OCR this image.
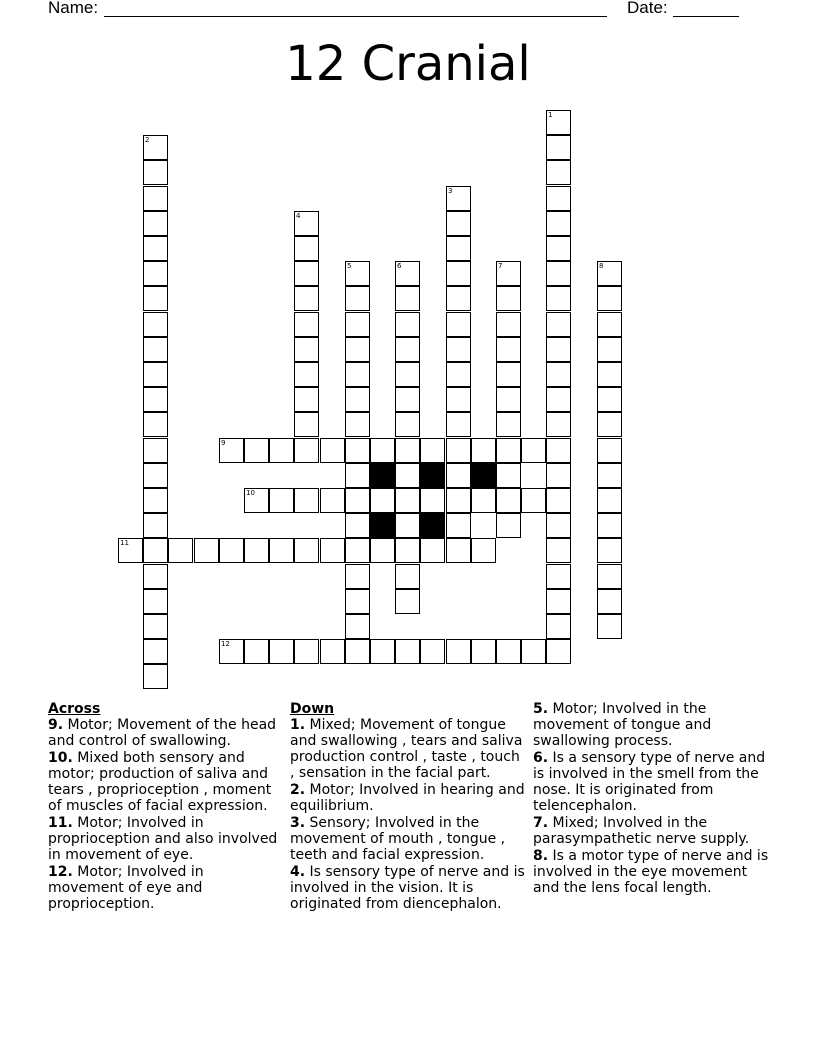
Name:	Date:
12 Cranial
1
2
3
4
5	6	7	8
9
10
11
12
Across
9. Motor; Movement of the head and control of swallowing.
10. Mixed both sensory and motor; production of saliva and tears , proprioception , moment of muscles of facial expression.
11. Motor; Involved in proprioception and also involved in movement of eye.
12. Motor; Involved in movement of eye and proprioception.
Down
1. Mixed; Movement of tongue and swallowing , tears and saliva production control , taste , touch , sensation in the facial part.
2. Motor; Involved in hearing and equilibrium.
3. Sensory; Involved in the movement of mouth , tongue , teeth and facial expression.
4. Is sensory type of nerve and is involved in the vision. It is originated from diencephalon.
5. Motor; Involved in the movement of tongue and swallowing process.
6. Is a sensory type of nerve and is involved in the smell from the nose. It is originated from telencephalon.
7. Mixed; Involved in the parasympathetic nerve supply.
8. Is a motor type of nerve and is involved in the eye movement and the lens focal length.
